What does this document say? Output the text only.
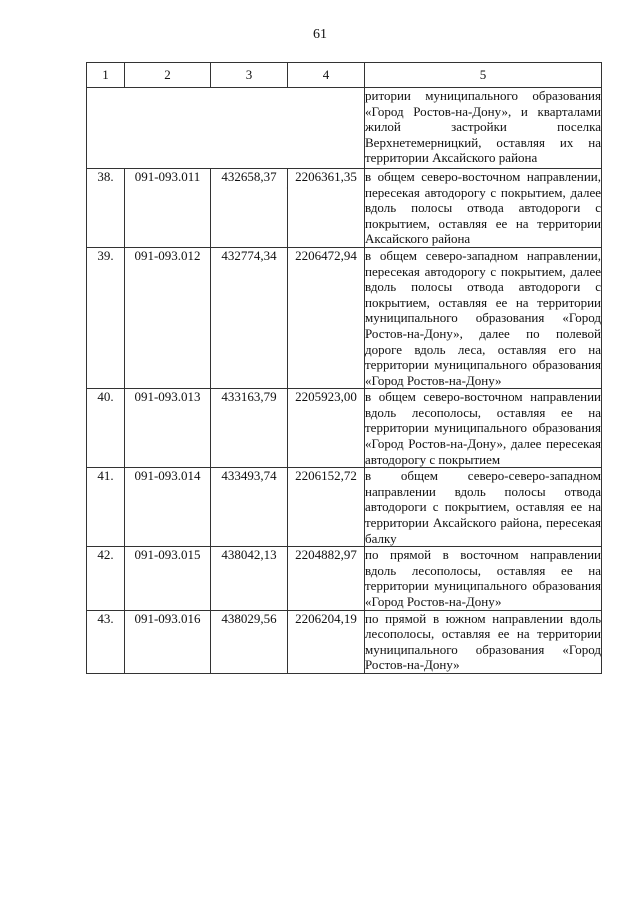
61
·
1	2	3	4	5

				ритории муниципального образования «Город Ростов-на-Дону», и кварталами жилой застройки поселка Верхнетемерницкий, оставляя их на территории Аксайского района

38.	091-093.011	432658,37	2206361,35	в общем северо-восточном направлении, пересекая автодорогу с покрытием, далее вдоль полосы отвода автодороги с покрытием, оставляя ее на территории Аксайского района

39.	091-093.012	432774,34	2206472,94	в общем северо-западном направлении, пересекая автодорогу с покрытием, далее вдоль полосы отвода автодороги с покрытием, оставляя ее на территории муниципального образования «Город Ростов-на-Дону», далее по полевой дороге вдоль леса, оставляя его на территории муниципального образования «Город Ростов-на-Дону»

40.	091-093.013	433163,79	2205923,00	в общем северо-восточном направлении вдоль лесополосы, оставляя ее на территории муниципального образования «Город Ростов-на-Дону», далее пересекая автодорогу с покрытием

41.	091-093.014	433493,74	2206152,72	в общем северо-северо-западном направлении вдоль полосы отвода автодороги с покрытием, оставляя ее на территории Аксайского района, пересекая балку

42.	091-093.015	438042,13	2204882,97	по прямой в восточном направлении вдоль лесополосы, оставляя ее на территории муниципального образования «Город Ростов-на-Дону»

43.	091-093.016	438029,56	2206204,19	по прямой в южном направлении вдоль лесополосы, оставляя ее на территории муниципального образования «Город Ростов-на-Дону»
